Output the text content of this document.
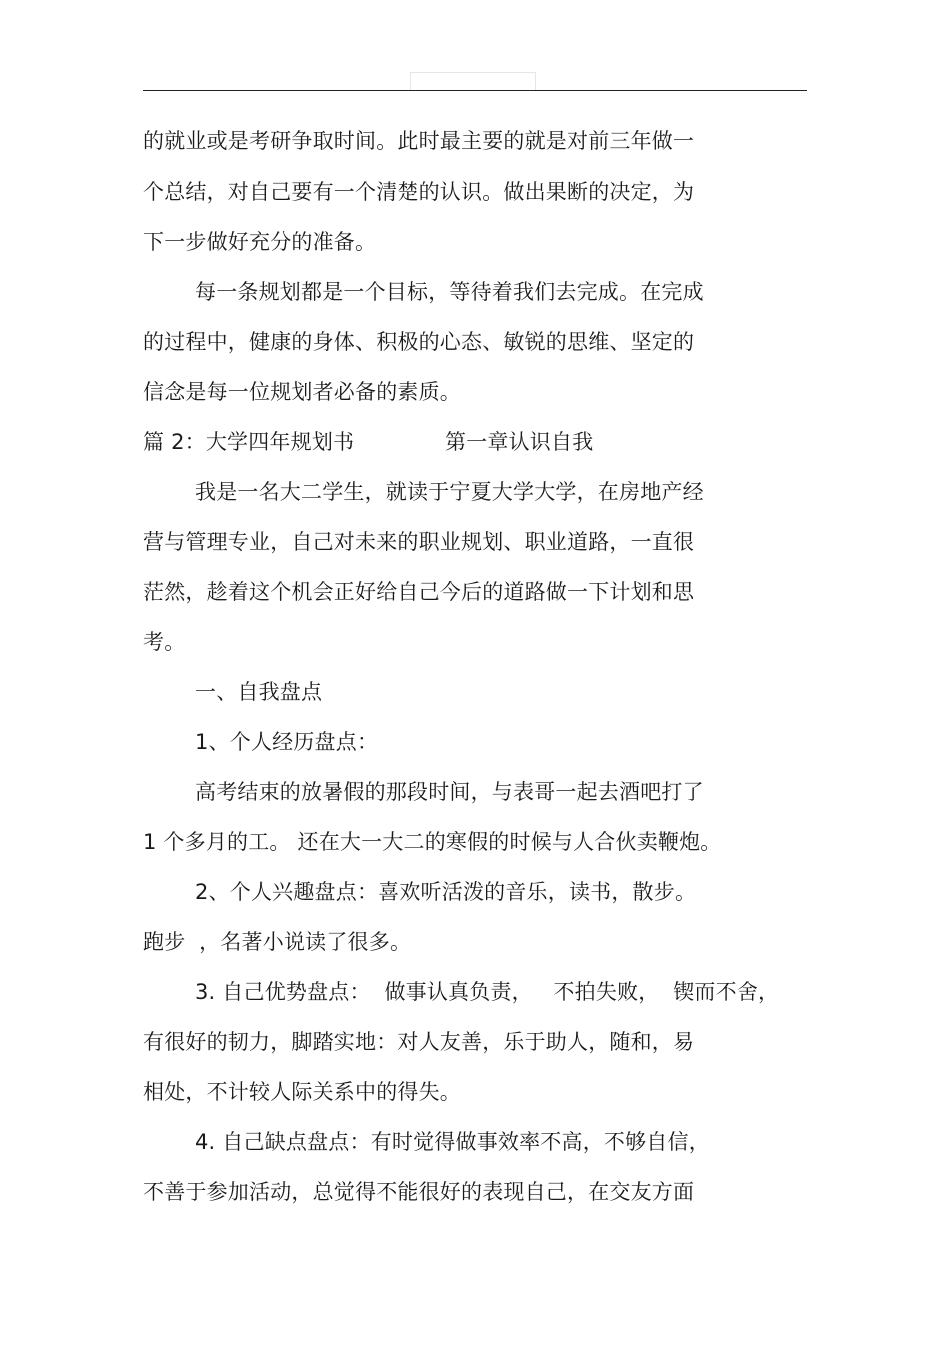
的就业或是考研争取时间。此时最主要的就是对前三年做一
个总结，对自己要有一个清楚的认识。做出果断的决定，为
下一步做好充分的准备。
每一条规划都是一个目标，等待着我们去完成。在完成
的过程中，健康的身体、积极的心态、敏锐的思维、坚定的
信念是每一位规划者必备的素质。
篇 2：大学四年规划书	第一章认识自我
我是一名大二学生，就读于宁夏大学大学，在房地产经
营与管理专业，自己对未来的职业规划、职业道路，一直很
茫然，趁着这个机会正好给自己今后的道路做一下计划和思
考。
一、自我盘点
1、个人经历盘点：
高考结束的放暑假的那段时间，与表哥一起去酒吧打了
1 个多月的工。 还在大一大二的寒假的时候与人合伙卖鞭炮。
2、个人兴趣盘点：喜欢听活泼的音乐，读书，散步。
跑步  ，名著小说读了很多。
3. 自己优势盘点：  做事认真负责，   不拍失败，  锲而不舍，
有很好的韧力，脚踏实地：对人友善，乐于助人，随和，易
相处，不计较人际关系中的得失。
4. 自己缺点盘点：有时觉得做事效率不高，不够自信，
不善于参加活动，总觉得不能很好的表现自己，在交友方面
